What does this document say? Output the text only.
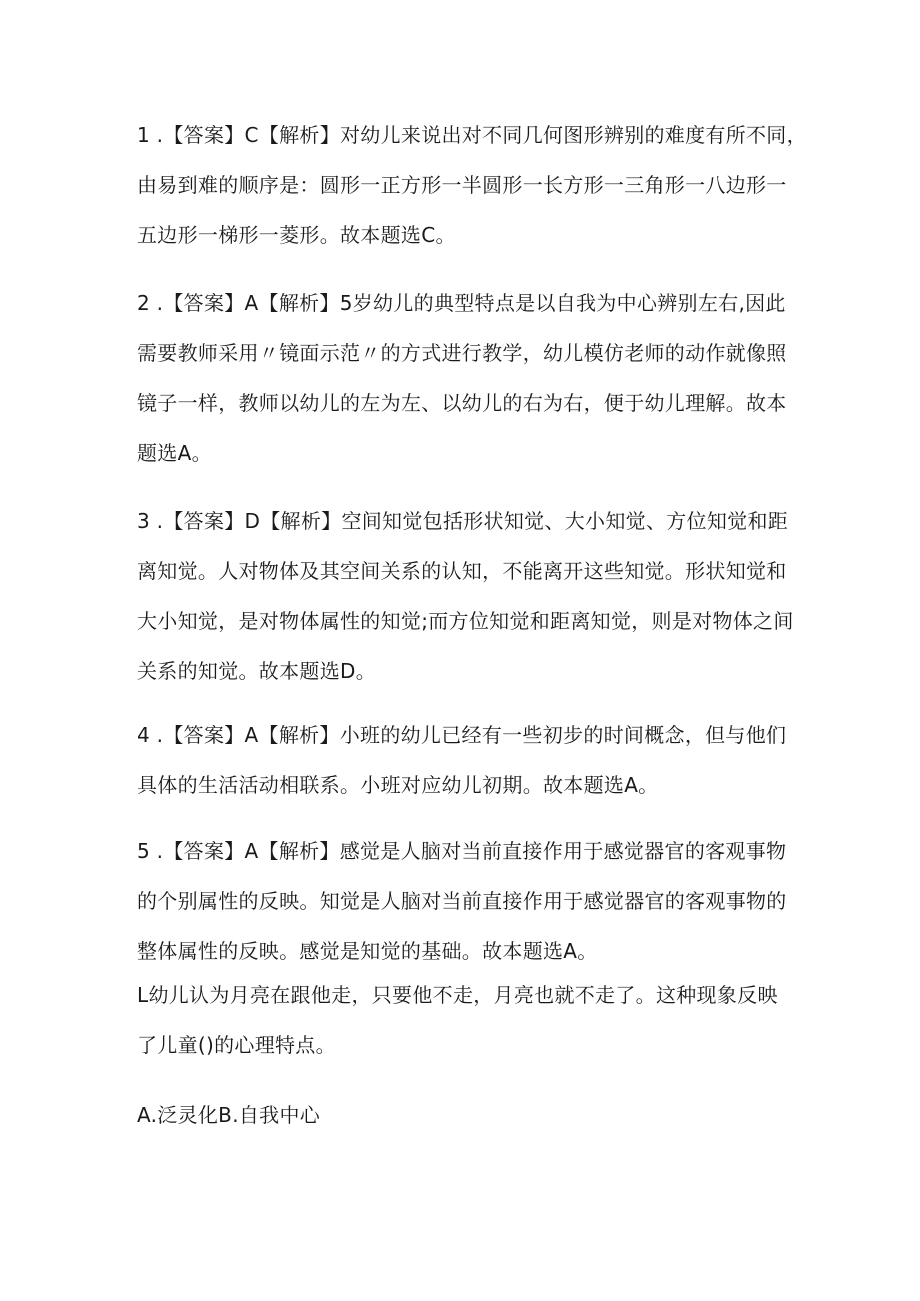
1 .【答案】C【解析】对幼儿来说出对不同几何图形辨别的难度有所不同，
由易到难的顺序是：圆形一正方形一半圆形一长方形一三角形一八边形一
五边形一梯形一菱形。故本题选C。

2 .【答案】A【解析】5岁幼儿的典型特点是以自我为中心辨别左右,因此
需要教师采用〃镜面示范〃的方式进行教学，幼儿模仿老师的动作就像照
镜子一样，教师以幼儿的左为左、以幼儿的右为右，便于幼儿理解。故本
题选A。

3 .【答案】D【解析】空间知觉包括形状知觉、大小知觉、方位知觉和距
离知觉。人对物体及其空间关系的认知，不能离开这些知觉。形状知觉和
大小知觉，是对物体属性的知觉;而方位知觉和距离知觉，则是对物体之间
关系的知觉。故本题选D。

4 .【答案】A【解析】小班的幼儿已经有一些初步的时间概念，但与他们
具体的生活活动相联系。小班对应幼儿初期。故本题选A。

5 .【答案】A【解析】感觉是人脑对当前直接作用于感觉器官的客观事物
的个别属性的反映。知觉是人脑对当前直接作用于感觉器官的客观事物的
整体属性的反映。感觉是知觉的基础。故本题选A。

L幼儿认为月亮在跟他走，只要他不走，月亮也就不走了。这种现象反映
了儿童()的心理特点。

A.泛灵化B.自我中心
